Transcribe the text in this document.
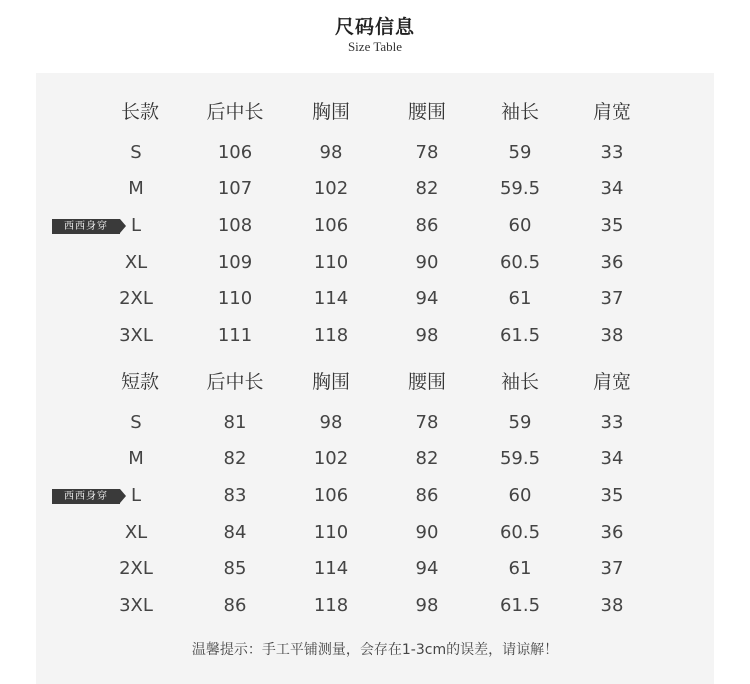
尺码信息
Size Table
长款	后中长	胸围	腰围	袖长	肩宽
S	106	98	78	59	33
M	107	102	82	59.5	34
西西身穿	L	108	106	86	60	35
XL	109	110	90	60.5	36
2XL	110	114	94	61	37
3XL	111	118	98	61.5	38
短款	后中长	胸围	腰围	袖长	肩宽
S	81	98	78	59	33
M	82	102	82	59.5	34
西西身穿	L	83	106	86	60	35
XL	84	110	90	60.5	36
2XL	85	114	94	61	37
3XL	86	118	98	61.5	38
温馨提示：手工平铺测量，会存在1-3cm的误差，请谅解！
